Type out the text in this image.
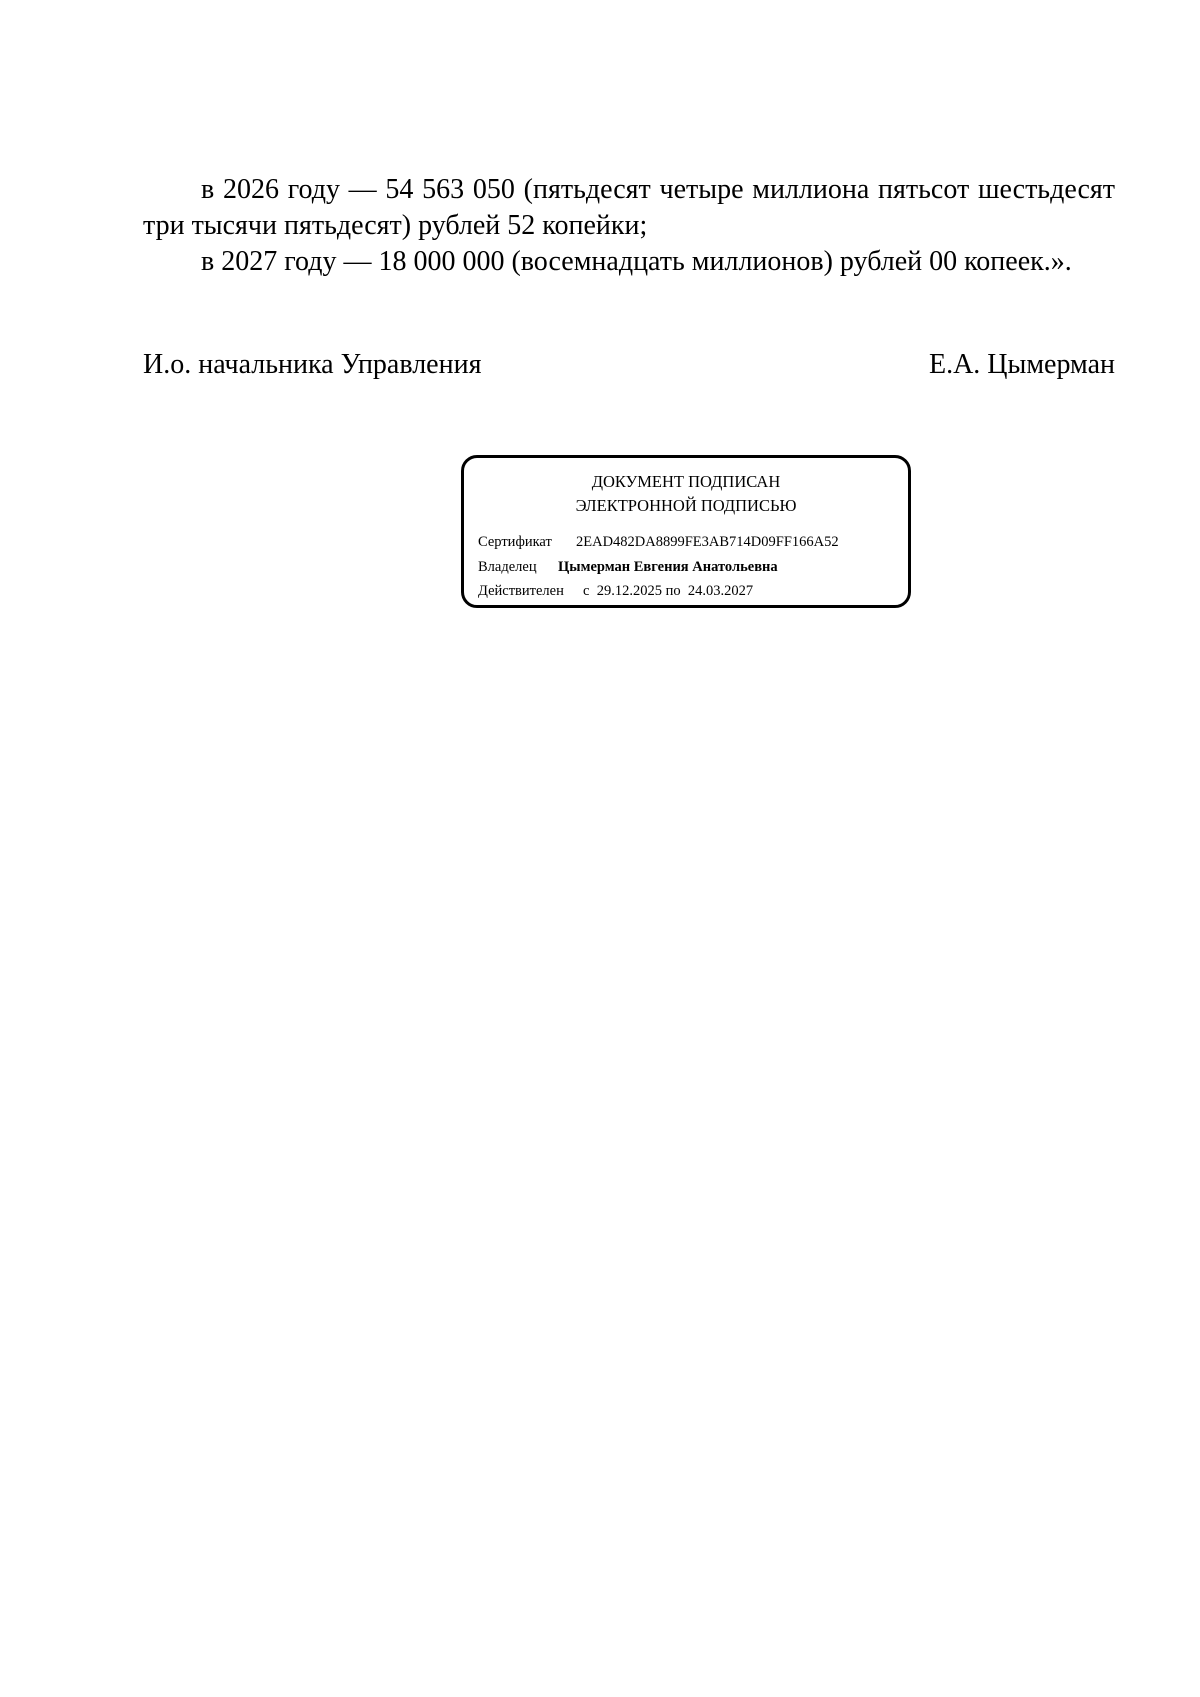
в 2026 году — 54 563 050 (пятьдесят четыре миллиона пятьсот шестьдесят три тысячи пятьдесят) рублей 52 копейки;

в 2027 году — 18 000 000 (восемнадцать миллионов) рублей 00 копеек.».

И.о. начальника Управления	Е.А. Цымерман
ДОКУМЕНТ ПОДПИСАН
ЭЛЕКТРОННОЙ ПОДПИСЬЮ
Сертификат 2EAD482DA8899FE3AB714D09FF166A52
Владелец Цымерман Евгения Анатольевна
Действителен с 29.12.2025 по 24.03.2027
